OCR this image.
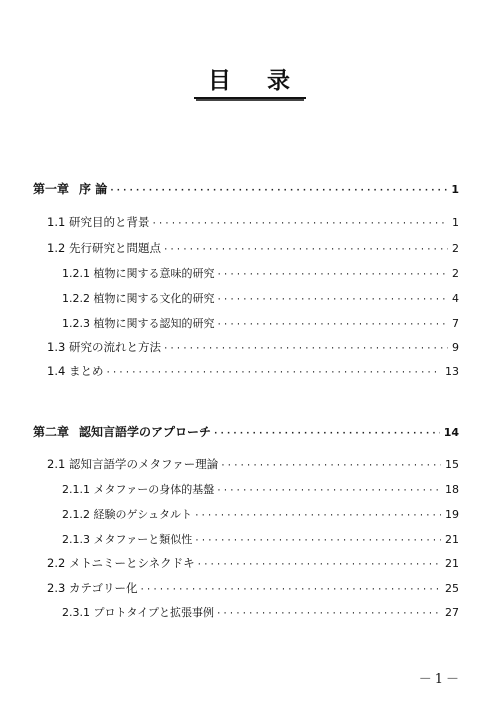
目 录
第一章 序 論 ·····	1
1.1 研究目的と背景 ·····	1
1.2 先行研究と問題点 ·····	2
1.2.1 植物に関する意味的研究 ·····	2
1.2.2 植物に関する文化的研究 ·····	4
1.2.3 植物に関する認知的研究 ·····	7
1.3 研究の流れと方法 ·····	9
1.4 まとめ ·····	13
第二章 認知言語学のアプローチ ·····	14
2.1 認知言語学のメタファー理論 ·····	15
2.1.1 メタファーの身体的基盤 ·····	18
2.1.2 経験のゲシュタルト ·····	19
2.1.3 メタファーと類似性 ·····	21
2.2 メトニミーとシネクドキ ·····	21
2.3 カテゴリー化 ·····	25
2.3.1 プロトタイプと拡張事例 ·····	27
－1－
